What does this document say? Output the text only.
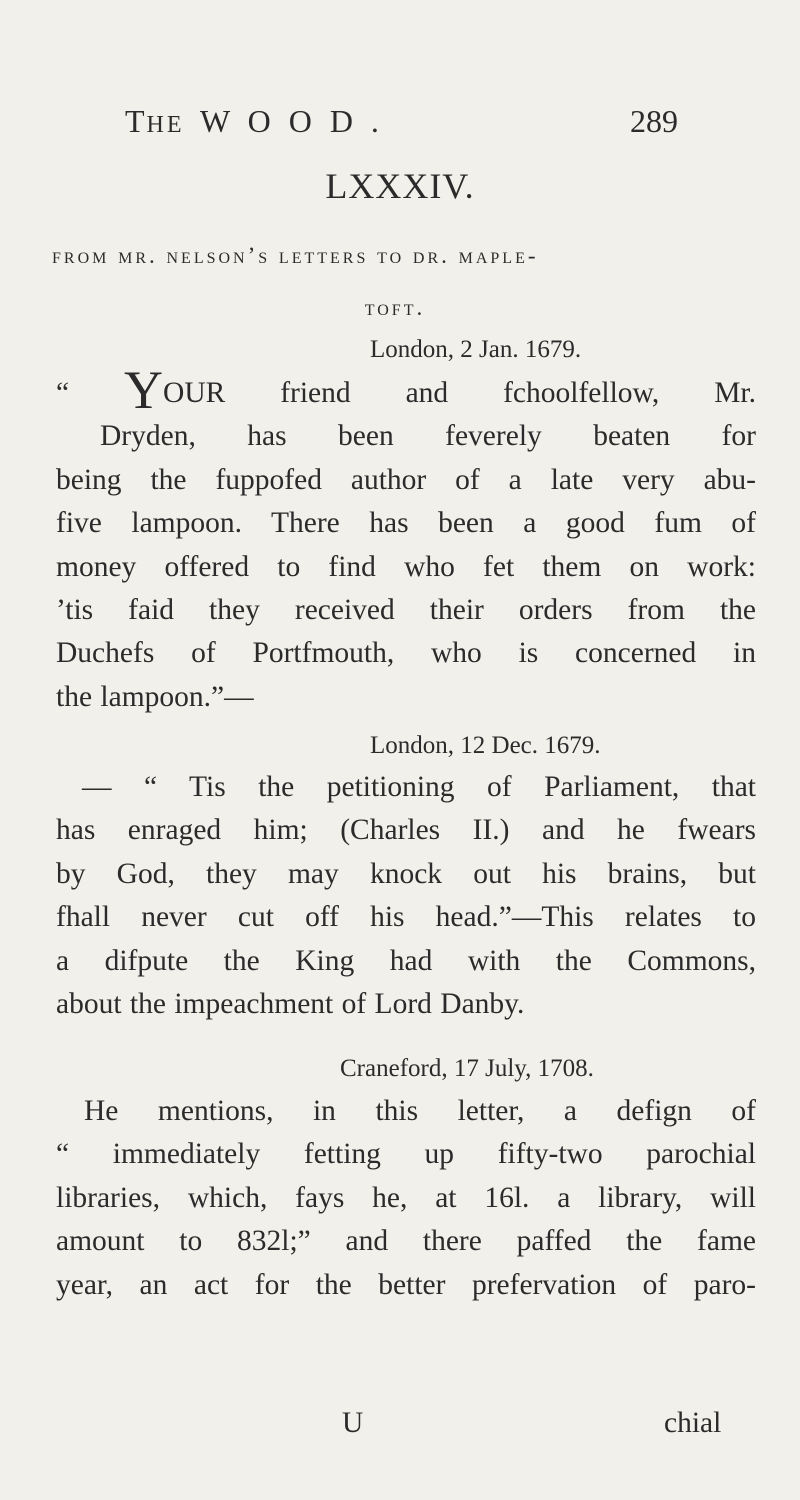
THE W O O D .	289
LXXXIV.
from mr. nelson’s letters to dr. maple-
toft.
London, 2 Jan. 1679.
“ YOUR friend and fchoolfellow, Mr.
Dryden, has been feverely beaten for
being the fuppofed author of a late very abu-
five lampoon. There has been a good fum of
money offered to find who fet them on work:
’tis faid they received their orders from the
Duchefs of Portfmouth, who is concerned in
the lampoon.”—
London, 12 Dec. 1679.
— “ Tis the petitioning of Parliament, that
has enraged him; (Charles II.) and he fwears
by God, they may knock out his brains, but
fhall never cut off his head.”—This relates to
a difpute the King had with the Commons,
about the impeachment of Lord Danby.
Craneford, 17 July, 1708.
He mentions, in this letter, a defign of
“ immediately fetting up fifty-two parochial
libraries, which, fays he, at 16l. a library, will
amount to 832l;” and there paffed the fame
year, an act for the better prefervation of paro-
U	chial
